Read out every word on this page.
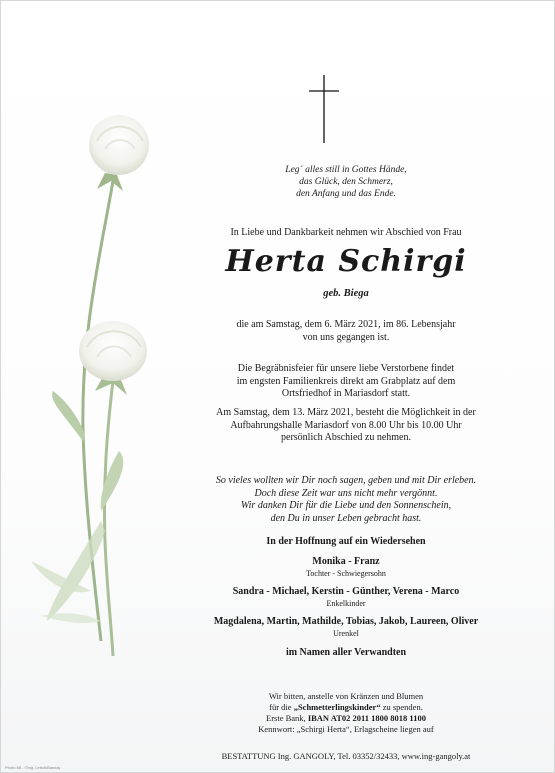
Leg´ alles still in Gottes Hände,
das Glück, den Schmerz,
den Anfang und das Ende.
In Liebe und Dankbarkeit nehmen wir Abschied von Frau
Herta Schirgi
geb. Biega
die am Samstag, dem 6. März 2021, im 86. Lebensjahr
von uns gegangen ist.
Die Begräbnisfeier für unsere liebe Verstorbene findet
im engsten Familienkreis direkt am Grabplatz auf dem
Ortsfriedhof in Mariasdorf statt.
Am Samstag, dem 13. März 2021, besteht die Möglichkeit in der
Aufbahrungshalle Mariasdorf von 8.00 Uhr bis 10.00 Uhr
persönlich Abschied zu nehmen.
So vieles wollten wir Dir noch sagen, geben und mit Dir erleben.
Doch diese Zeit war uns nicht mehr vergönnt.
Wir danken Dir für die Liebe und den Sonnenschein,
den Du in unser Leben gebracht hast.
In der Hoffnung auf ein Wiedersehen
Monika - Franz
Tochter - Schwiegersohn
Sandra - Michael, Kerstin - Günther, Verena - Marco
Enkelkinder
Magdalena, Martin, Mathilde, Tobias, Jakob, Laureen, Oliver
Urenkel
im Namen aller Verwandten
Wir bitten, anstelle von Kränzen und Blumen
für die „Schmetterlingskinder“ zu spenden.
Erste Bank, IBAN AT02 2011 1800 8018 1100
Kennwort: „Schirgi Herta“, Erlagscheine liegen auf
BESTATTUNG Ing. GANGOLY, Tel. 03352/32433, www.ing-gangoly.at
Photo 68 - ©Ing. Leitch/Barclay
